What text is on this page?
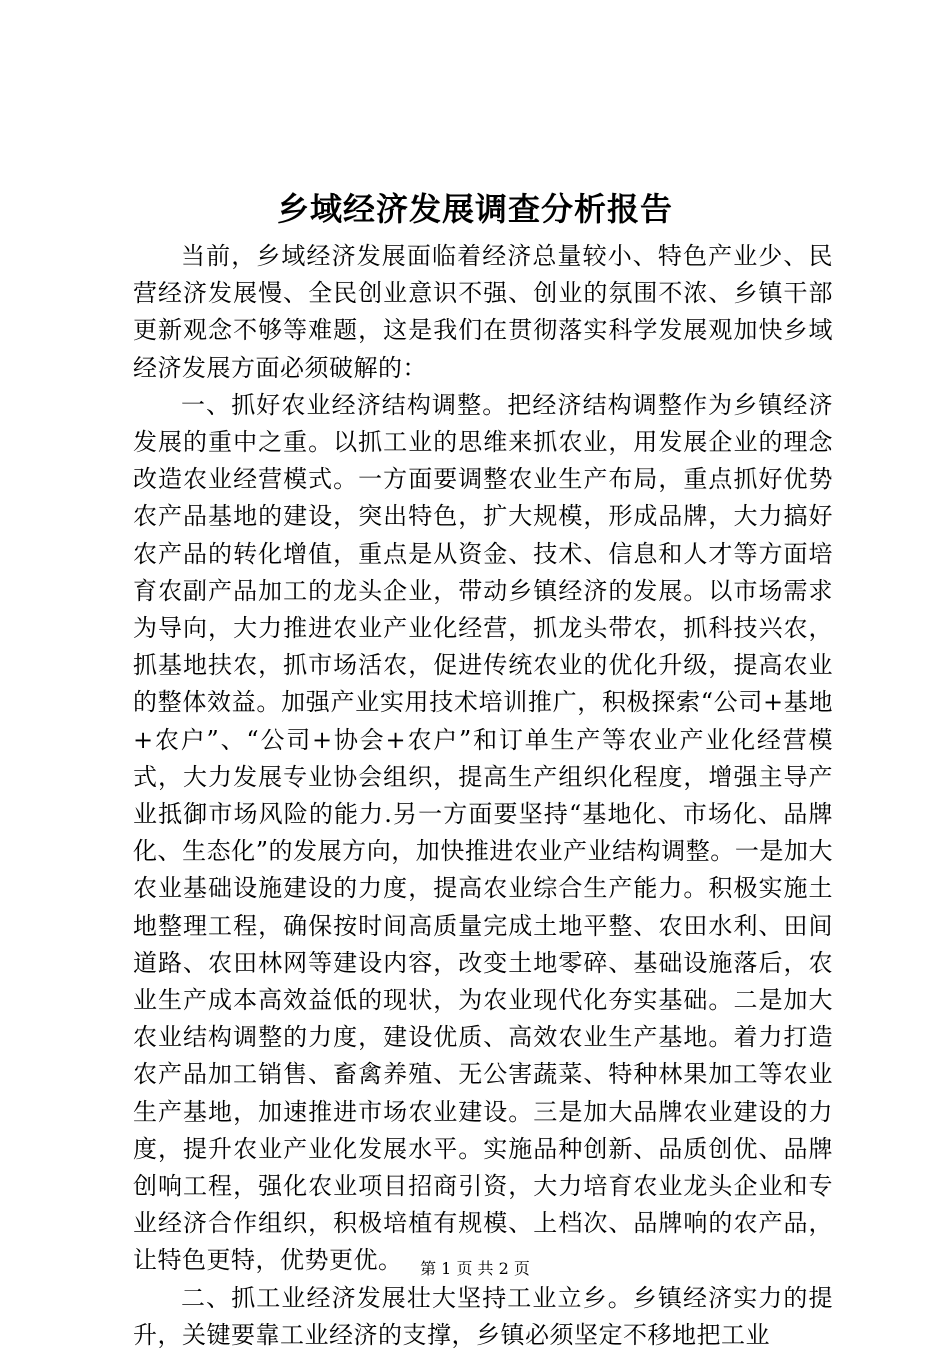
乡域经济发展调查分析报告

当前，乡域经济发展面临着经济总量较小、特色产业少、民营经济发展慢、全民创业意识不强、创业的氛围不浓、乡镇干部更新观念不够等难题，这是我们在贯彻落实科学发展观加快乡域经济发展方面必须破解的：

一、抓好农业经济结构调整。把经济结构调整作为乡镇经济发展的重中之重。以抓工业的思维来抓农业，用发展企业的理念改造农业经营模式。一方面要调整农业生产布局，重点抓好优势农产品基地的建设，突出特色，扩大规模，形成品牌，大力搞好农产品的转化增值，重点是从资金、技术、信息和人才等方面培育农副产品加工的龙头企业，带动乡镇经济的发展。以市场需求为导向，大力推进农业产业化经营，抓龙头带农，抓科技兴农，抓基地扶农，抓市场活农，促进传统农业的优化升级，提高农业的整体效益。加强产业实用技术培训推广，积极探索“公司+基地+农户”、“公司+协会+农户”和订单生产等农业产业化经营模式，大力发展专业协会组织，提高生产组织化程度，增强主导产业抵御市场风险的能力.另一方面要坚持“基地化、市场化、品牌化、生态化”的发展方向，加快推进农业产业结构调整。一是加大农业基础设施建设的力度，提高农业综合生产能力。积极实施土地整理工程，确保按时间高质量完成土地平整、农田水利、田间道路、农田林网等建设内容，改变土地零碎、基础设施落后，农业生产成本高效益低的现状，为农业现代化夯实基础。二是加大农业结构调整的力度，建设优质、高效农业生产基地。着力打造农产品加工销售、畜禽养殖、无公害蔬菜、特种林果加工等农业生产基地，加速推进市场农业建设。三是加大品牌农业建设的力度，提升农业产业化发展水平。实施品种创新、品质创优、品牌创响工程，强化农业项目招商引资，大力培育农业龙头企业和专业经济合作组织，积极培植有规模、上档次、品牌响的农产品，让特色更特，优势更优。

二、抓工业经济发展壮大坚持工业立乡。乡镇经济实力的提升，关键要靠工业经济的支撑，乡镇必须坚定不移地把工业

第 1 页 共 2 页
